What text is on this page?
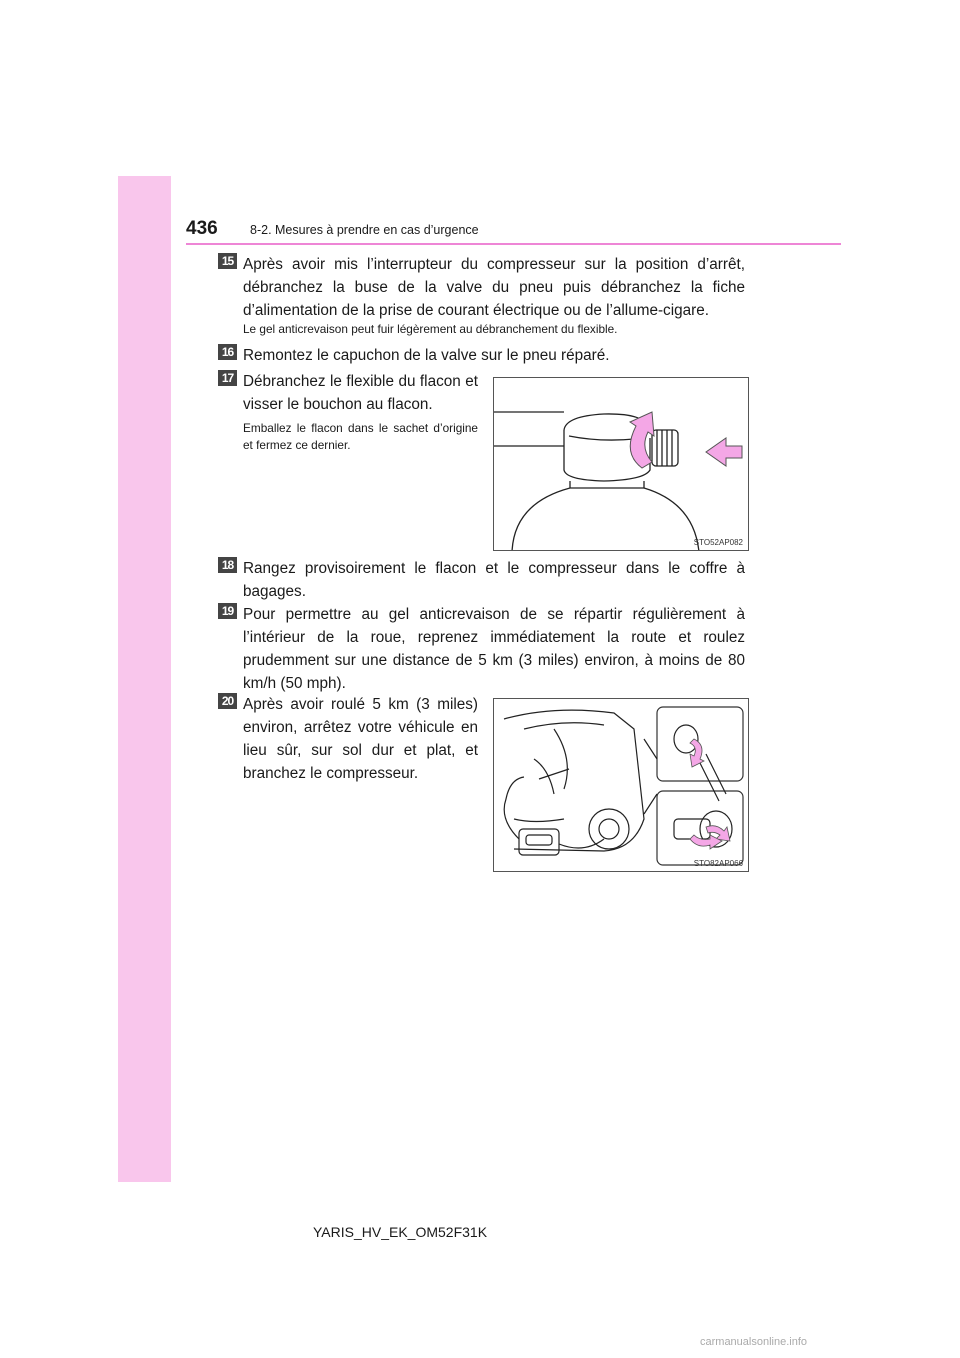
436	8-2. Mesures à prendre en cas d’urgence
15 Après avoir mis l’interrupteur du compresseur sur la position d’arrêt, débranchez la buse de la valve du pneu puis débranchez la fiche d’alimentation de la prise de courant électrique ou de l’allume-cigare.
Le gel anticrevaison peut fuir légèrement au débranchement du flexible.
16 Remontez le capuchon de la valve sur le pneu réparé.
17 Débranchez le flexible du flacon et visser le bouchon au flacon.
Emballez le flacon dans le sachet d’origine et fermez ce dernier.
STO52AP082
18 Rangez provisoirement le flacon et le compresseur dans le coffre à bagages.
19 Pour permettre au gel anticrevaison de se répartir régulièrement à l’intérieur de la roue, reprenez immédiatement la route et roulez prudemment sur une distance de 5 km (3 miles) environ, à moins de 80 km/h (50 mph).
20 Après avoir roulé 5 km (3 miles) environ, arrêtez votre véhicule en lieu sûr, sur sol dur et plat, et branchez le compresseur.
STO82AP066
YARIS_HV_EK_OM52F31K
carmanualsonline.info
